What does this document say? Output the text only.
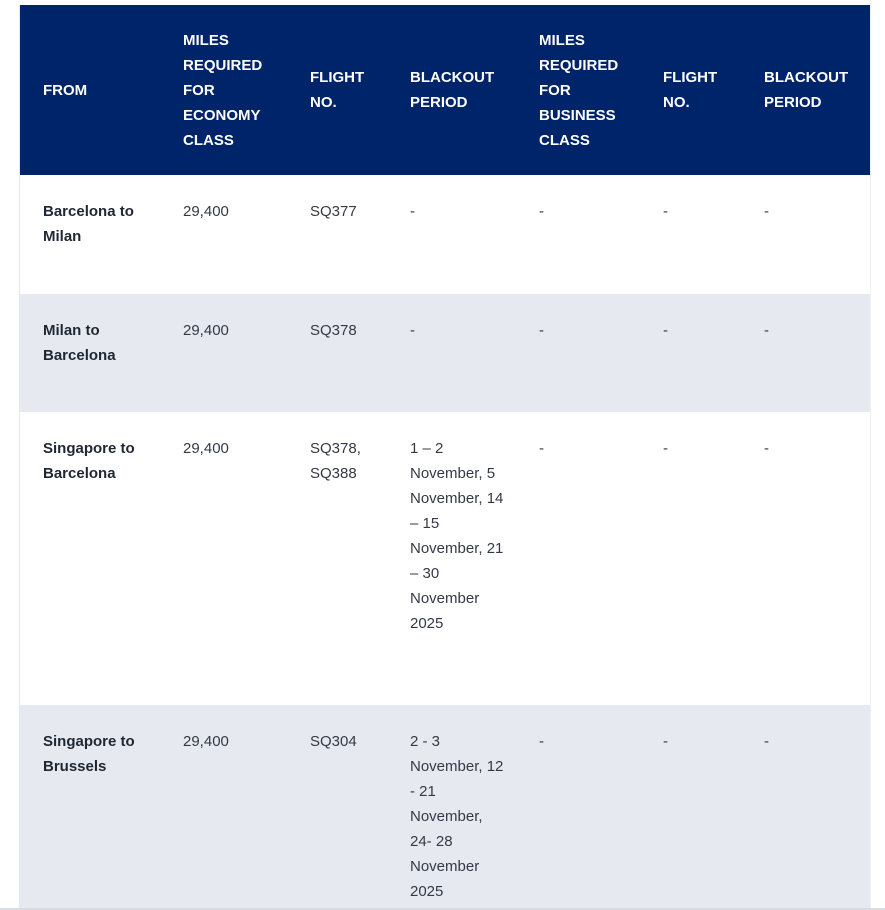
FROM	MILES REQUIRED FOR ECONOMY CLASS	FLIGHT NO.	BLACKOUT PERIOD	MILES REQUIRED FOR BUSINESS CLASS	FLIGHT NO.	BLACKOUT PERIOD
Barcelona to Milan	29,400	SQ377	-	-	-	-
Milan to Barcelona	29,400	SQ378	-	-	-	-
Singapore to Barcelona	29,400	SQ378, SQ388	1 – 2 November, 5 November, 14 – 15 November, 21 – 30 November 2025	-	-	-
Singapore to Brussels	29,400	SQ304	2 - 3 November, 12 - 21 November, 24- 28 November 2025	-	-	-
